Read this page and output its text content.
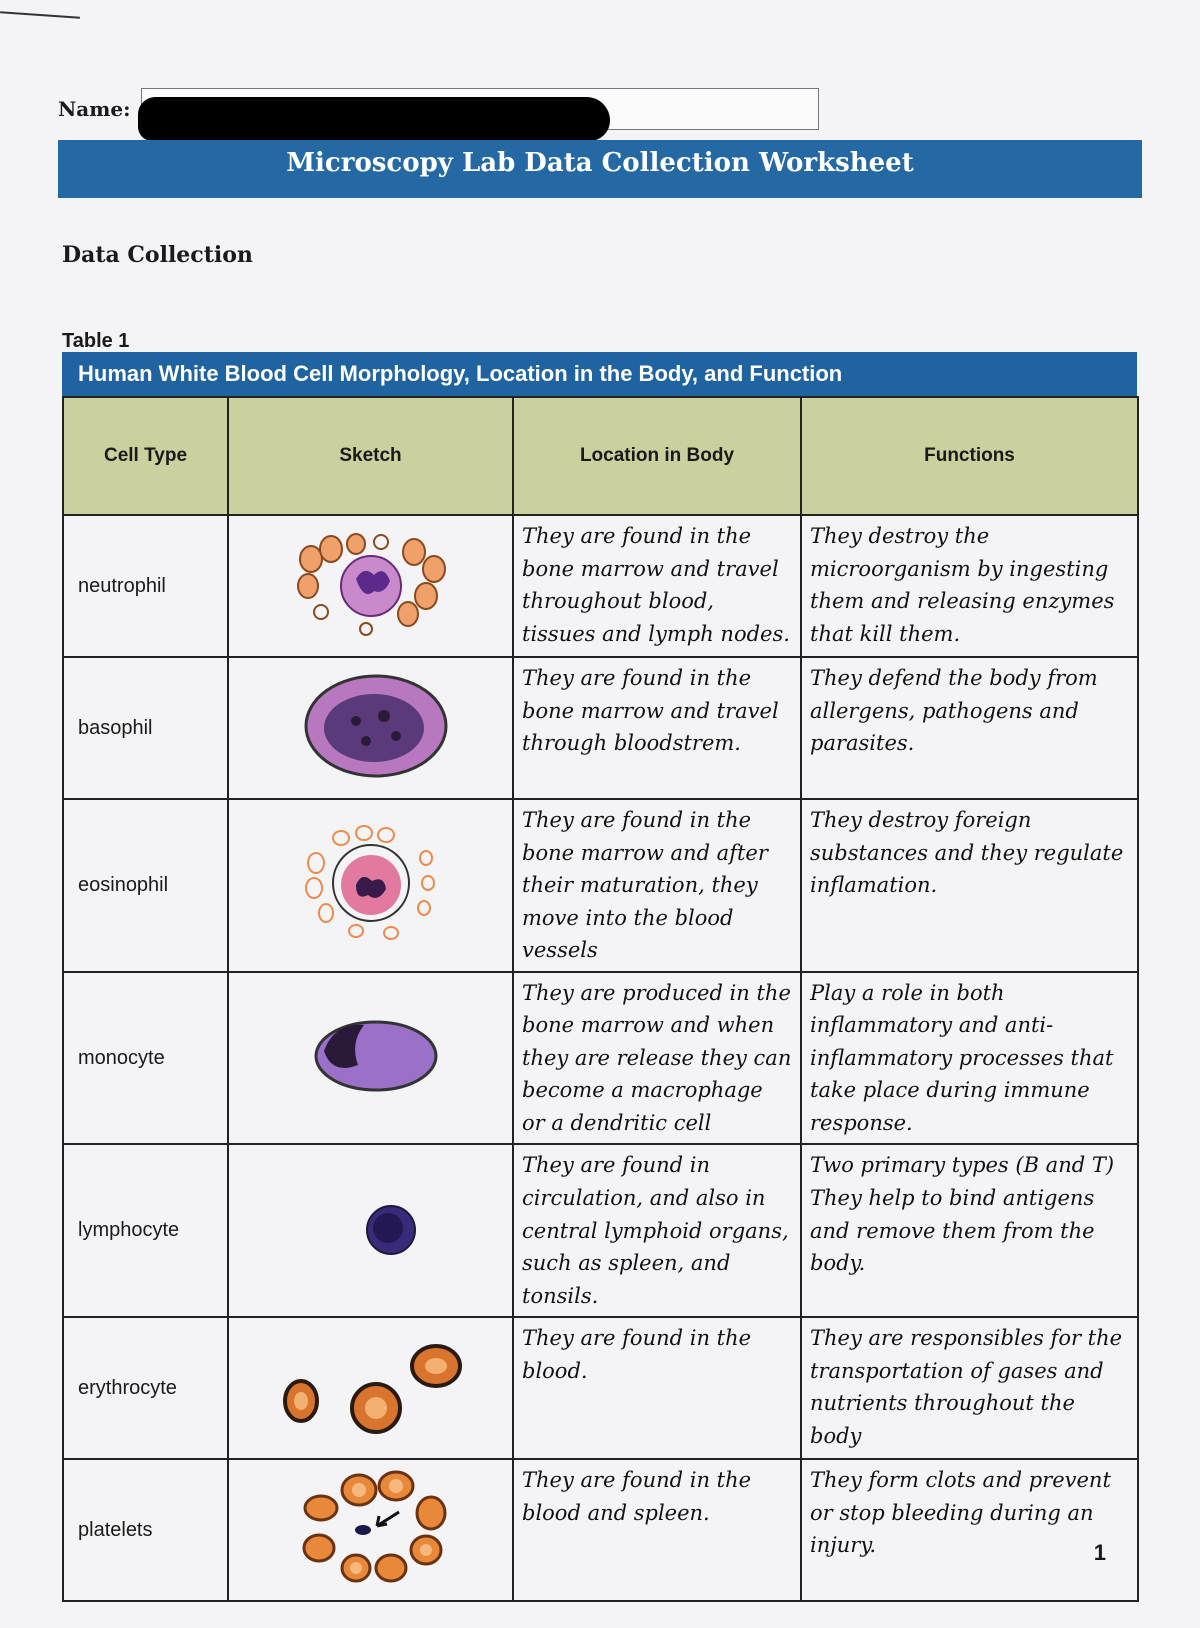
Name:
Microscopy Lab Data Collection Worksheet
Data Collection
Table 1
Human White Blood Cell Morphology, Location in the Body, and Function
Cell Type	Sketch	Location in Body	Functions
neutrophil		They are found in the bone marrow and travel throughout blood, tissues and lymph nodes.	They destroy the microorganism by ingesting them and releasing enzymes that kill them.
basophil		They are found in the bone marrow and travel through bloodstrem.	They defend the body from allergens, pathogens and parasites.
eosinophil		They are found in the bone marrow and after their maturation, they move into the blood vessels	They destroy foreign substances and they regulate inflamation.
monocyte		They are produced in the bone marrow and when they are release they can become a macrophage or a dendritic cell	Play a role in both inflammatory and anti-inflammatory processes that take place during immune response.
lymphocyte		They are found in circulation, and also in central lymphoid organs, such as spleen, and tonsils.	Two primary types (B and T) They help to bind antigens and remove them from the body.
erythrocyte		They are found in the blood.	They are responsibles for the transportation of gases and nutrients throughout the body
platelets		They are found in the blood and spleen.	They form clots and prevent or stop bleeding during an injury.	1
